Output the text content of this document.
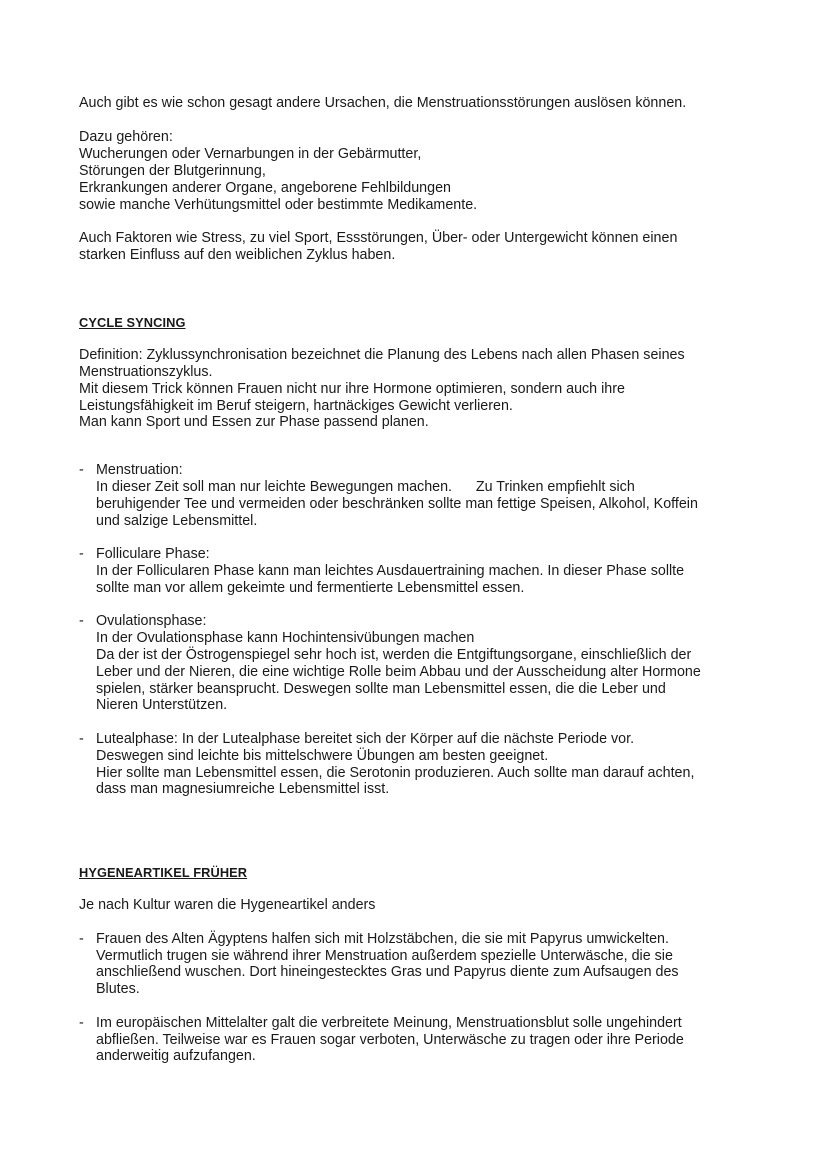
Auch gibt es wie schon gesagt andere Ursachen, die Menstruationsstörungen auslösen können.
Dazu gehören:
Wucherungen oder Vernarbungen in der Gebärmutter,
Störungen der Blutgerinnung,
Erkrankungen anderer Organe, angeborene Fehlbildungen
sowie manche Verhütungsmittel oder bestimmte Medikamente.
Auch Faktoren wie Stress, zu viel Sport, Essstörungen, Über- oder Untergewicht können einen
starken Einfluss auf den weiblichen Zyklus haben.
CYCLE SYNCING
Definition: Zyklussynchronisation bezeichnet die Planung des Lebens nach allen Phasen seines
Menstruationszyklus.
Mit diesem Trick können Frauen nicht nur ihre Hormone optimieren, sondern auch ihre
Leistungsfähigkeit im Beruf steigern, hartnäckiges Gewicht verlieren.
Man kann Sport und Essen zur Phase passend planen.
- Menstruation:
In dieser Zeit soll man nur leichte Bewegungen machen.      Zu Trinken empfiehlt sich
beruhigender Tee und vermeiden oder beschränken sollte man fettige Speisen, Alkohol, Koffein
und salzige Lebensmittel.
- Folliculare Phase:
In der Follicularen Phase kann man leichtes Ausdauertraining machen. In dieser Phase sollte
sollte man vor allem gekeimte und fermentierte Lebensmittel essen.
- Ovulationsphase:
In der Ovulationsphase kann Hochintensivübungen machen
Da der ist der Östrogenspiegel sehr hoch ist, werden die Entgiftungsorgane, einschließlich der
Leber und der Nieren, die eine wichtige Rolle beim Abbau und der Ausscheidung alter Hormone
spielen, stärker beansprucht. Deswegen sollte man Lebensmittel essen, die die Leber und
Nieren Unterstützen.
- Lutealphase: In der Lutealphase bereitet sich der Körper auf die nächste Periode vor.
Deswegen sind leichte bis mittelschwere Übungen am besten geeignet.
Hier sollte man Lebensmittel essen, die Serotonin produzieren. Auch sollte man darauf achten,
dass man magnesiumreiche Lebensmittel isst.
HYGENEARTIKEL FRÜHER
Je nach Kultur waren die Hygeneartikel anders
- Frauen des Alten Ägyptens halfen sich mit Holzstäbchen, die sie mit Papyrus umwickelten.
Vermutlich trugen sie während ihrer Menstruation außerdem spezielle Unterwäsche, die sie
anschließend wuschen. Dort hineingestecktes Gras und Papyrus diente zum Aufsaugen des
Blutes.
- Im europäischen Mittelalter galt die verbreitete Meinung, Menstruationsblut solle ungehindert
abfließen. Teilweise war es Frauen sogar verboten, Unterwäsche zu tragen oder ihre Periode
anderweitig aufzufangen.
